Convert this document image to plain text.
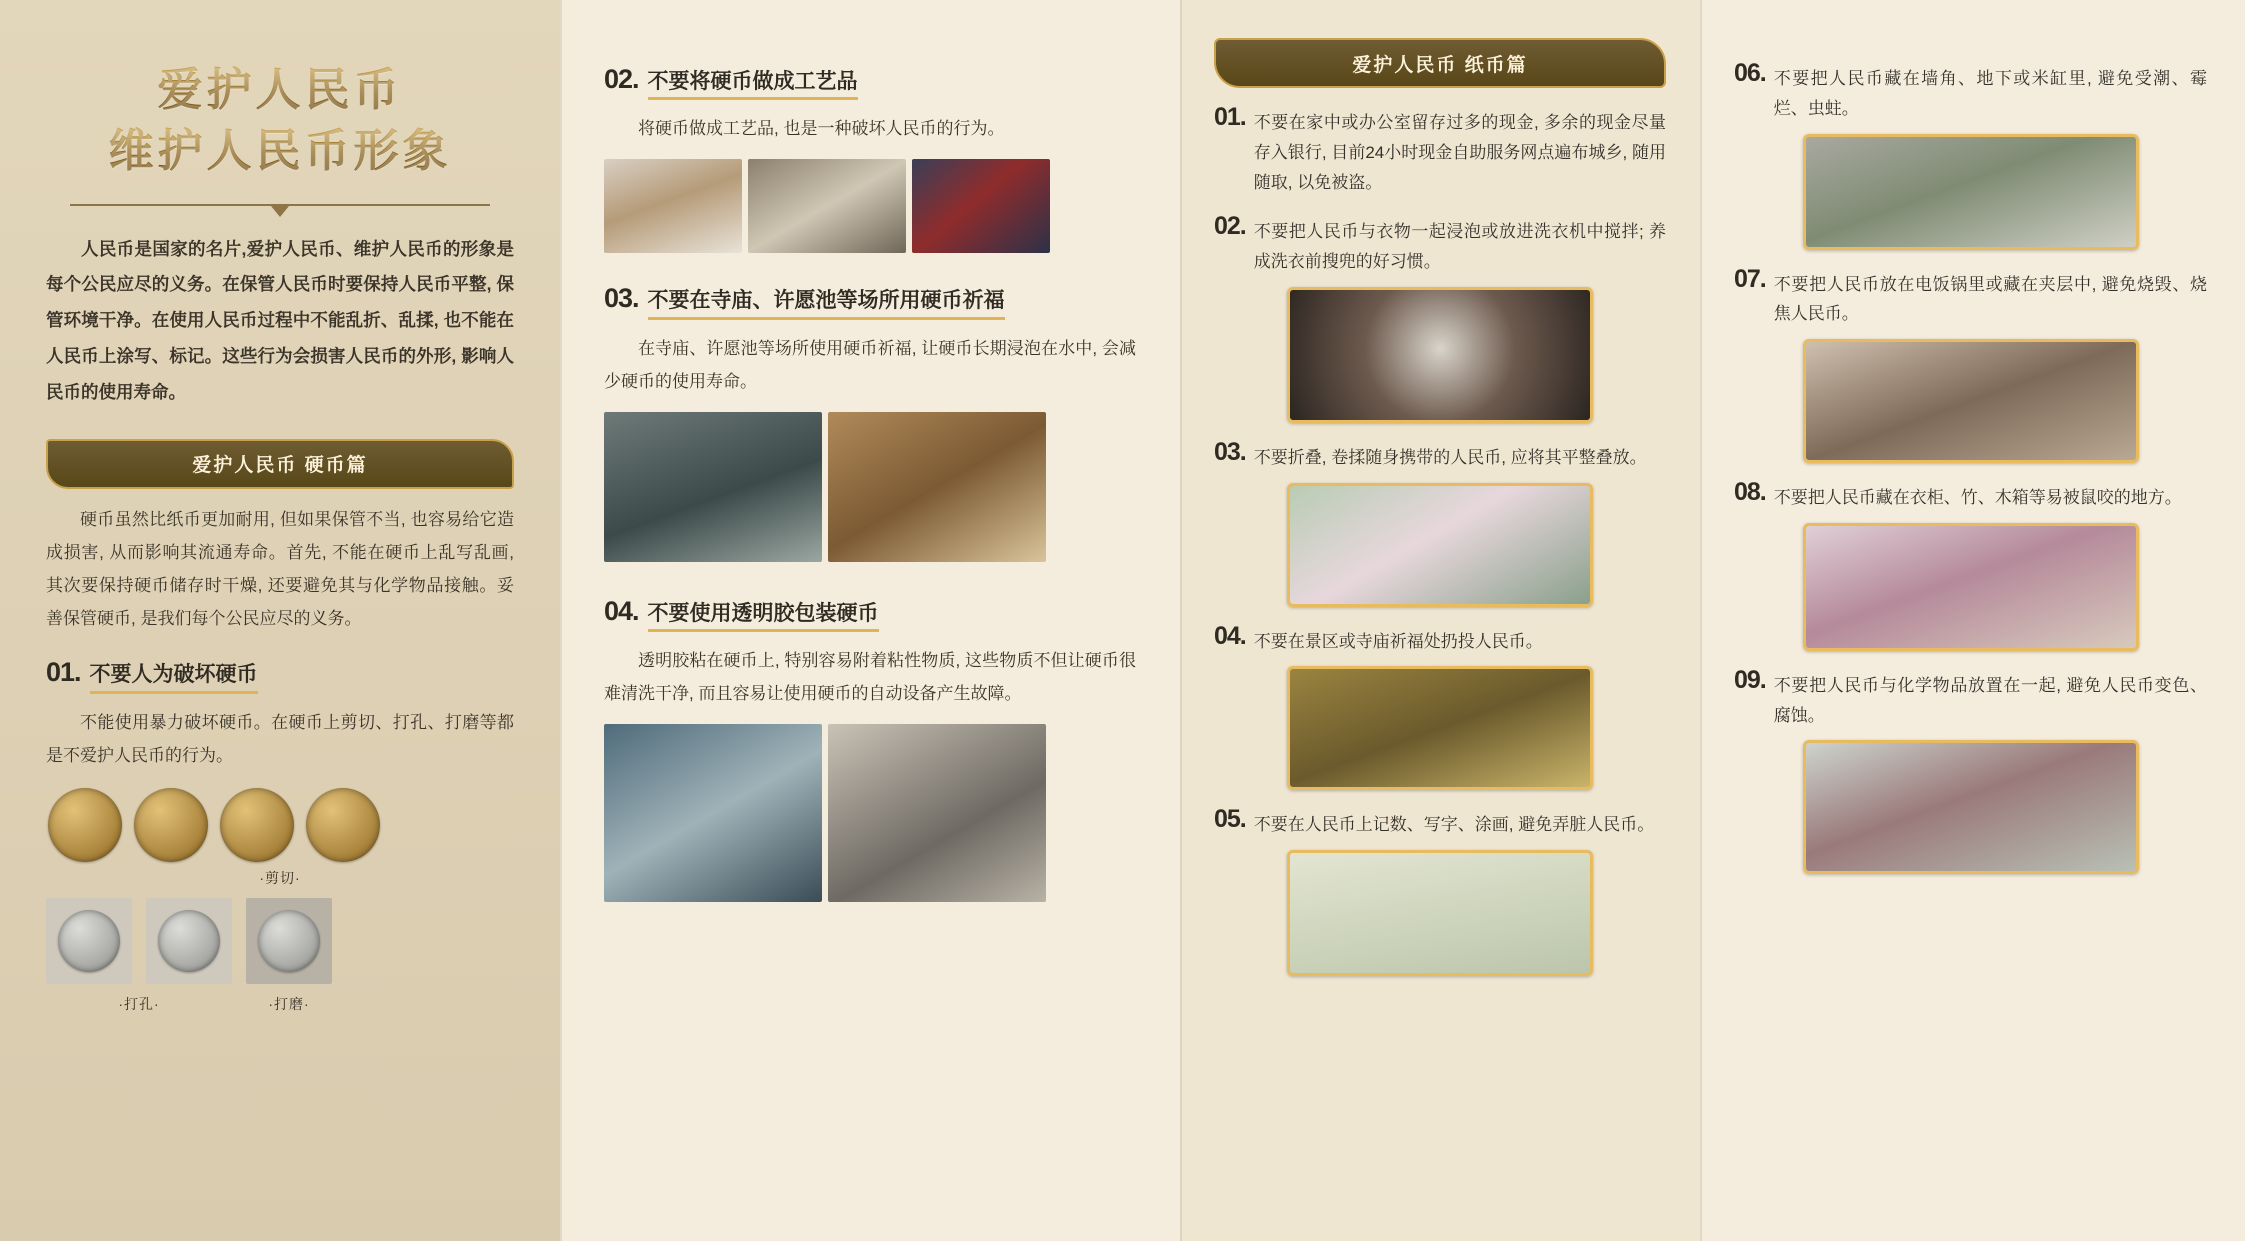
爱护人民币
维护人民币形象
人民币是国家的名片,爱护人民币、维护人民币的形象是每个公民应尽的义务。在保管人民币时要保持人民币平整, 保管环境干净。在使用人民币过程中不能乱折、乱揉, 也不能在人民币上涂写、标记。这些行为会损害人民币的外形, 影响人民币的使用寿命。
爱护人民币 硬币篇
硬币虽然比纸币更加耐用, 但如果保管不当, 也容易给它造成损害, 从而影响其流通寿命。首先, 不能在硬币上乱写乱画, 其次要保持硬币储存时干燥, 还要避免其与化学物品接触。妥善保管硬币, 是我们每个公民应尽的义务。
01. 不要人为破坏硬币
不能使用暴力破坏硬币。在硬币上剪切、打孔、打磨等都是不爱护人民币的行为。
·剪切·
·打孔·	·打磨·
02. 不要将硬币做成工艺品
将硬币做成工艺品, 也是一种破坏人民币的行为。
03. 不要在寺庙、许愿池等场所用硬币祈福
在寺庙、许愿池等场所使用硬币祈福, 让硬币长期浸泡在水中, 会减少硬币的使用寿命。
04. 不要使用透明胶包装硬币
透明胶粘在硬币上, 特别容易附着粘性物质, 这些物质不但让硬币很难清洗干净, 而且容易让使用硬币的自动设备产生故障。
爱护人民币 纸币篇
01. 不要在家中或办公室留存过多的现金, 多余的现金尽量存入银行, 目前24小时现金自助服务网点遍布城乡, 随用随取, 以免被盗。
02. 不要把人民币与衣物一起浸泡或放进洗衣机中搅拌; 养成洗衣前搜兜的好习惯。
03. 不要折叠, 卷揉随身携带的人民币, 应将其平整叠放。
04. 不要在景区或寺庙祈福处扔投人民币。
05. 不要在人民币上记数、写字、涂画, 避免弄脏人民币。
06. 不要把人民币藏在墙角、地下或米缸里, 避免受潮、霉烂、虫蛀。
07. 不要把人民币放在电饭锅里或藏在夹层中, 避免烧毁、烧焦人民币。
08. 不要把人民币藏在衣柜、竹、木箱等易被鼠咬的地方。
09. 不要把人民币与化学物品放置在一起, 避免人民币变色、腐蚀。
